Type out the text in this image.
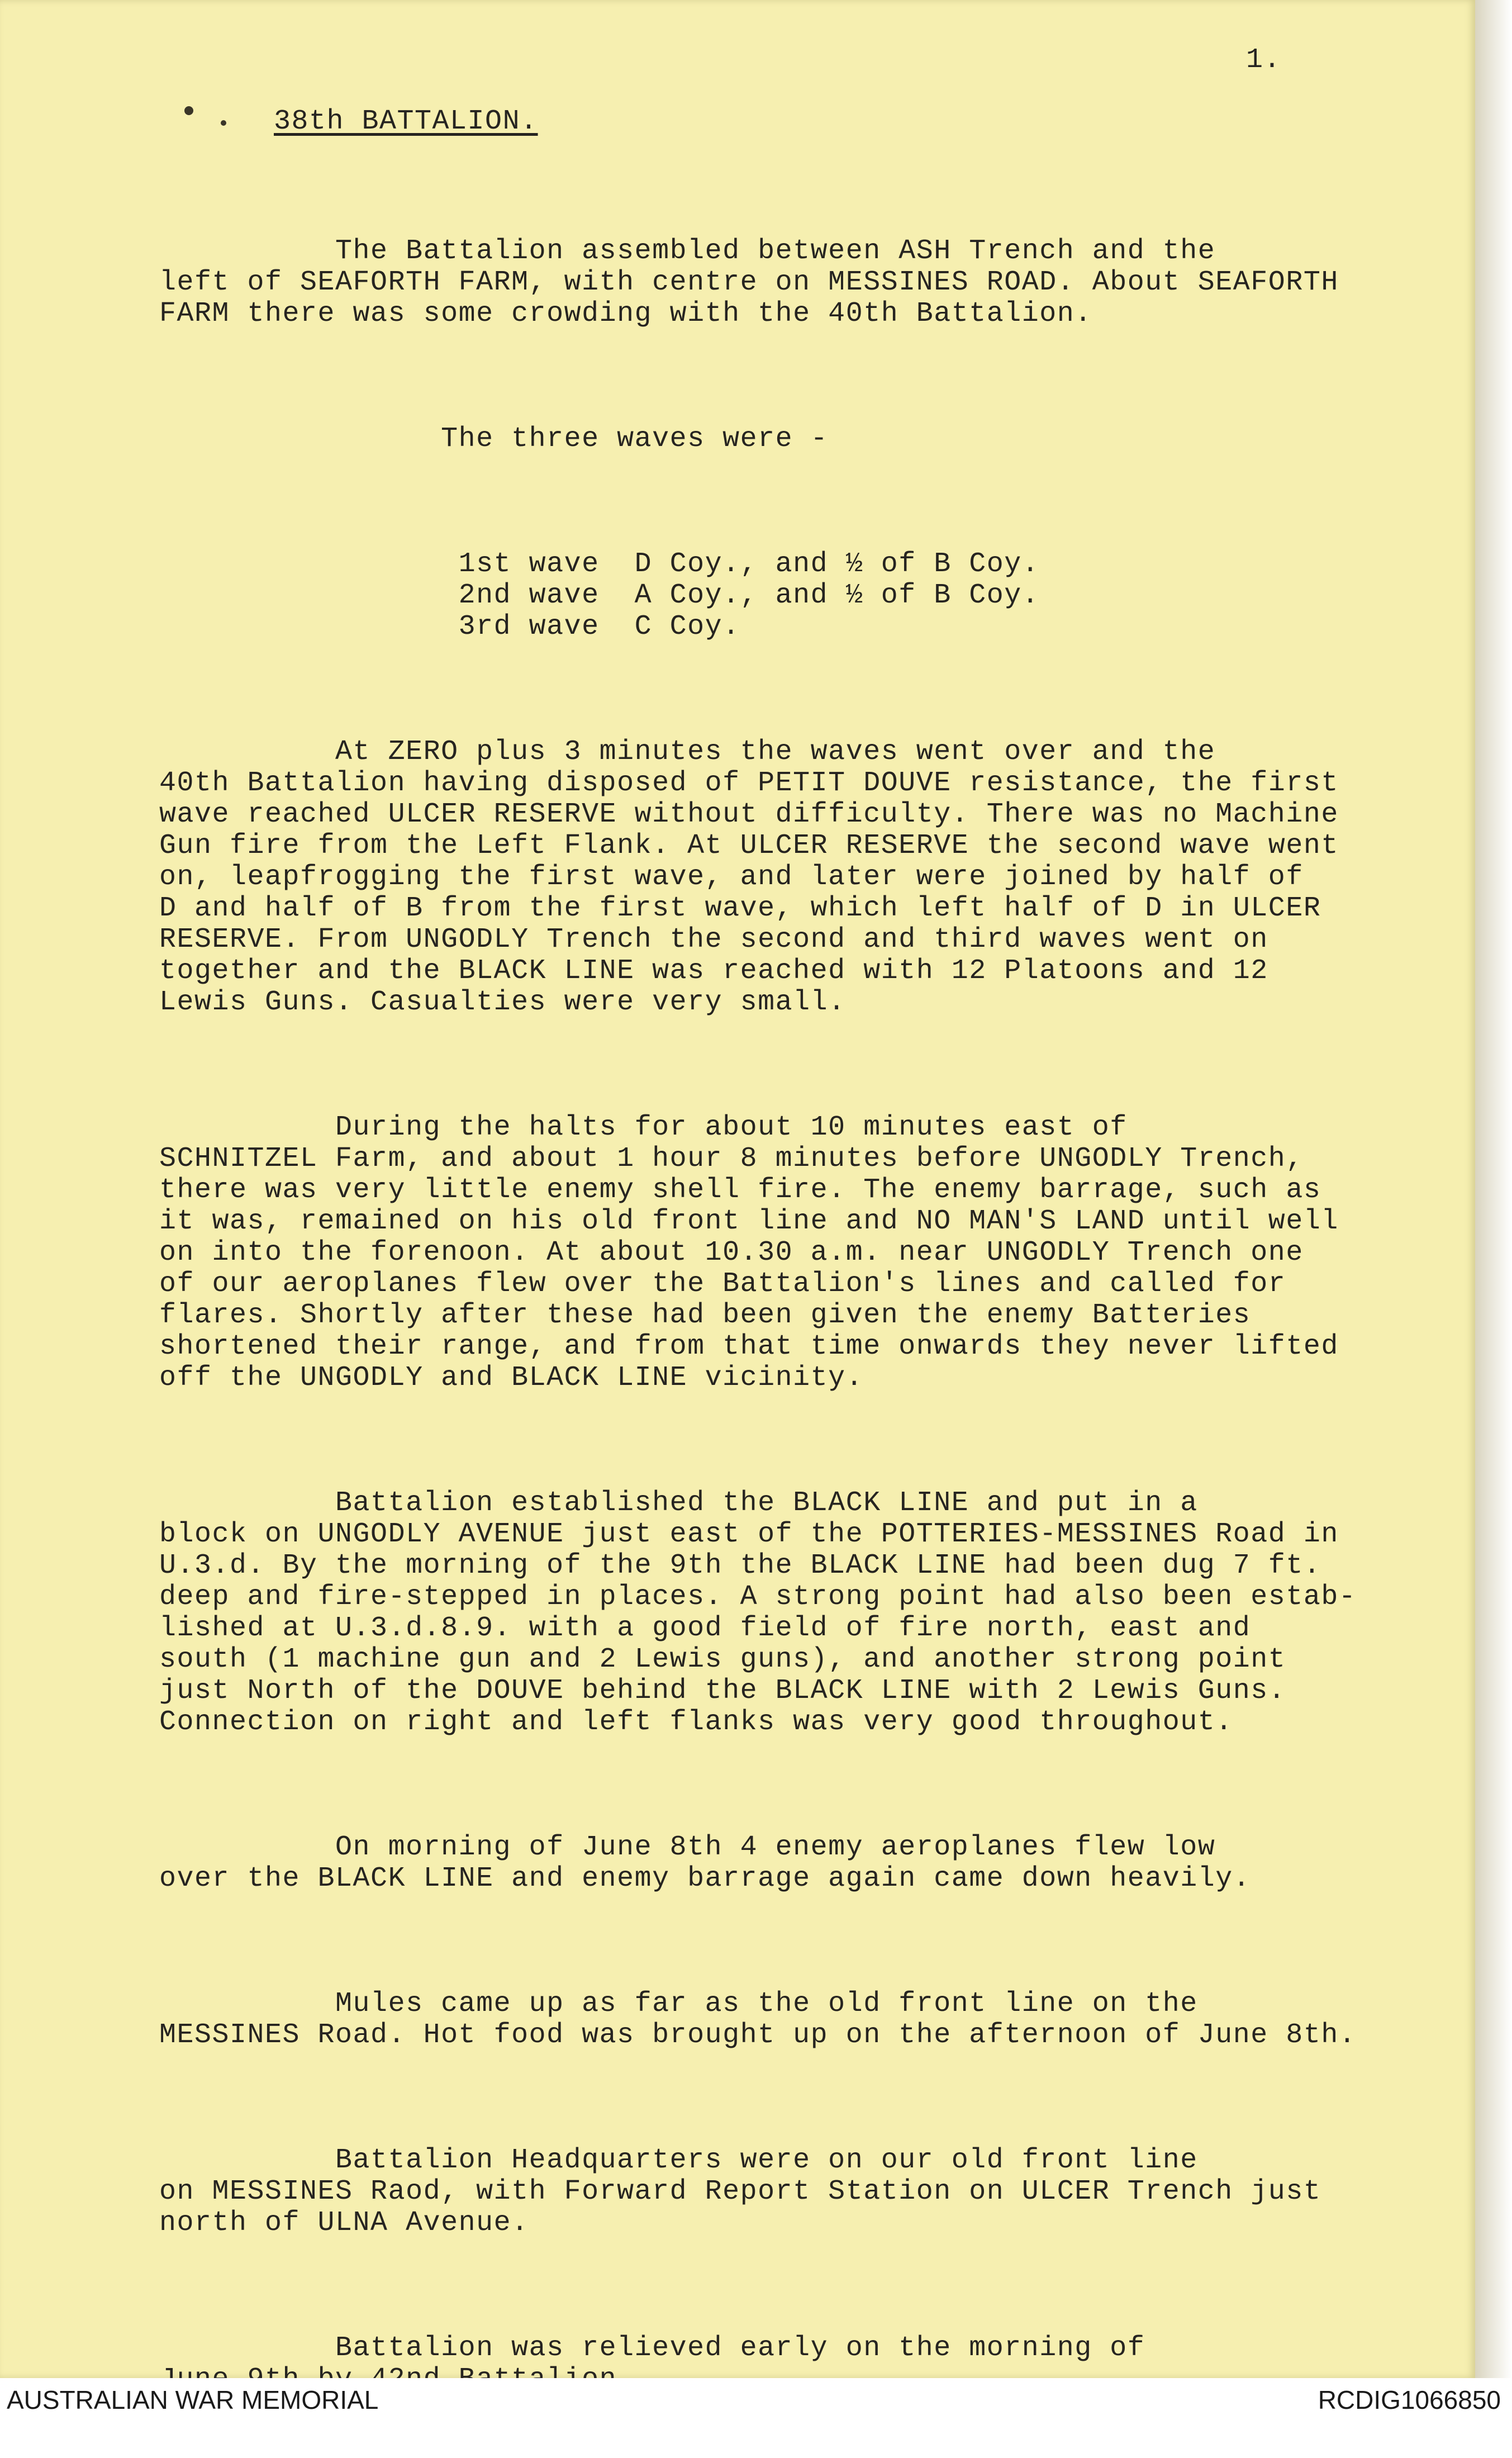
1.
38th BATTALION.

The Battalion assembled between ASH Trench and the
left of SEAFORTH FARM, with centre on MESSINES ROAD. About SEAFORTH
FARM there was some crowding with the 40th Battalion.

The three waves were -

1st wave  D Coy., and ½ of B Coy.
2nd wave  A Coy., and ½ of B Coy.
3rd wave  C Coy.

At ZERO plus 3 minutes the waves went over and the
40th Battalion having disposed of PETIT DOUVE resistance, the first
wave reached ULCER RESERVE without difficulty. There was no Machine
Gun fire from the Left Flank. At ULCER RESERVE the second wave went
on, leapfrogging the first wave, and later were joined by half of
D and half of B from the first wave, which left half of D in ULCER
RESERVE. From UNGODLY Trench the second and third waves went on
together and the BLACK LINE was reached with 12 Platoons and 12
Lewis Guns. Casualties were very small.

During the halts for about 10 minutes east of
SCHNITZEL Farm, and about 1 hour 8 minutes before UNGODLY Trench,
there was very little enemy shell fire. The enemy barrage, such as
it was, remained on his old front line and NO MAN'S LAND until well
on into the forenoon. At about 10.30 a.m. near UNGODLY Trench one
of our aeroplanes flew over the Battalion's lines and called for
flares. Shortly after these had been given the enemy Batteries
shortened their range, and from that time onwards they never lifted
off the UNGODLY and BLACK LINE vicinity.

Battalion established the BLACK LINE and put in a
block on UNGODLY AVENUE just east of the POTTERIES-MESSINES Road in
U.3.d. By the morning of the 9th the BLACK LINE had been dug 7 ft.
deep and fire-stepped in places. A strong point had also been estab-
lished at U.3.d.8.9. with a good field of fire north, east and
south (1 machine gun and 2 Lewis guns), and another strong point
just North of the DOUVE behind the BLACK LINE with 2 Lewis Guns.
Connection on right and left flanks was very good throughout.

On morning of June 8th 4 enemy aeroplanes flew low
over the BLACK LINE and enemy barrage again came down heavily.

Mules came up as far as the old front line on the
MESSINES Road. Hot food was brought up on the afternoon of June 8th.

Battalion Headquarters were on our old front line
on MESSINES Raod, with Forward Report Station on ULCER Trench just
north of ULNA Avenue.

Battalion was relieved early on the morning of

AUSTRALIAN WAR MEMORIAL	RCDIG1066850
